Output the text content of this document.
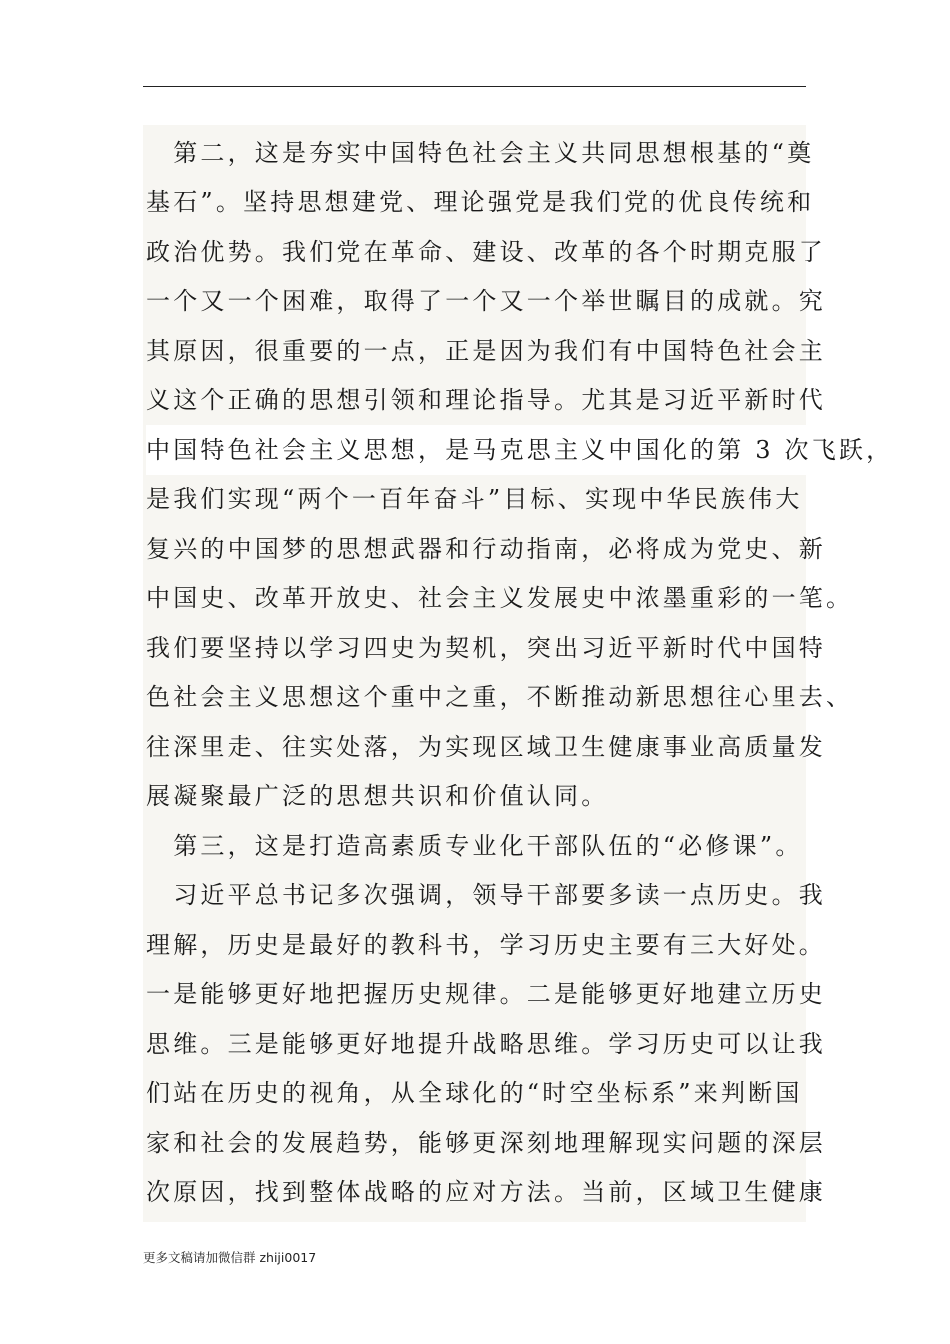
　第二，这是夯实中国特色社会主义共同思想根基的“奠
基石”。坚持思想建党、理论强党是我们党的优良传统和
政治优势。我们党在革命、建设、改革的各个时期克服了
一个又一个困难，取得了一个又一个举世瞩目的成就。究
其原因，很重要的一点，正是因为我们有中国特色社会主
义这个正确的思想引领和理论指导。尤其是习近平新时代
中国特色社会主义思想，是马克思主义中国化的第 3 次飞跃，
是我们实现“两个一百年奋斗”目标、实现中华民族伟大
复兴的中国梦的思想武器和行动指南，必将成为党史、新
中国史、改革开放史、社会主义发展史中浓墨重彩的一笔。
我们要坚持以学习四史为契机，突出习近平新时代中国特
色社会主义思想这个重中之重，不断推动新思想往心里去、
往深里走、往实处落，为实现区域卫生健康事业高质量发
展凝聚最广泛的思想共识和价值认同。
　第三，这是打造高素质专业化干部队伍的“必修课”。
　习近平总书记多次强调，领导干部要多读一点历史。我
理解，历史是最好的教科书，学习历史主要有三大好处。
一是能够更好地把握历史规律。二是能够更好地建立历史
思维。三是能够更好地提升战略思维。学习历史可以让我
们站在历史的视角，从全球化的“时空坐标系”来判断国
家和社会的发展趋势，能够更深刻地理解现实问题的深层
次原因，找到整体战略的应对方法。当前，区域卫生健康
更多文稿请加微信群 zhiji0017
